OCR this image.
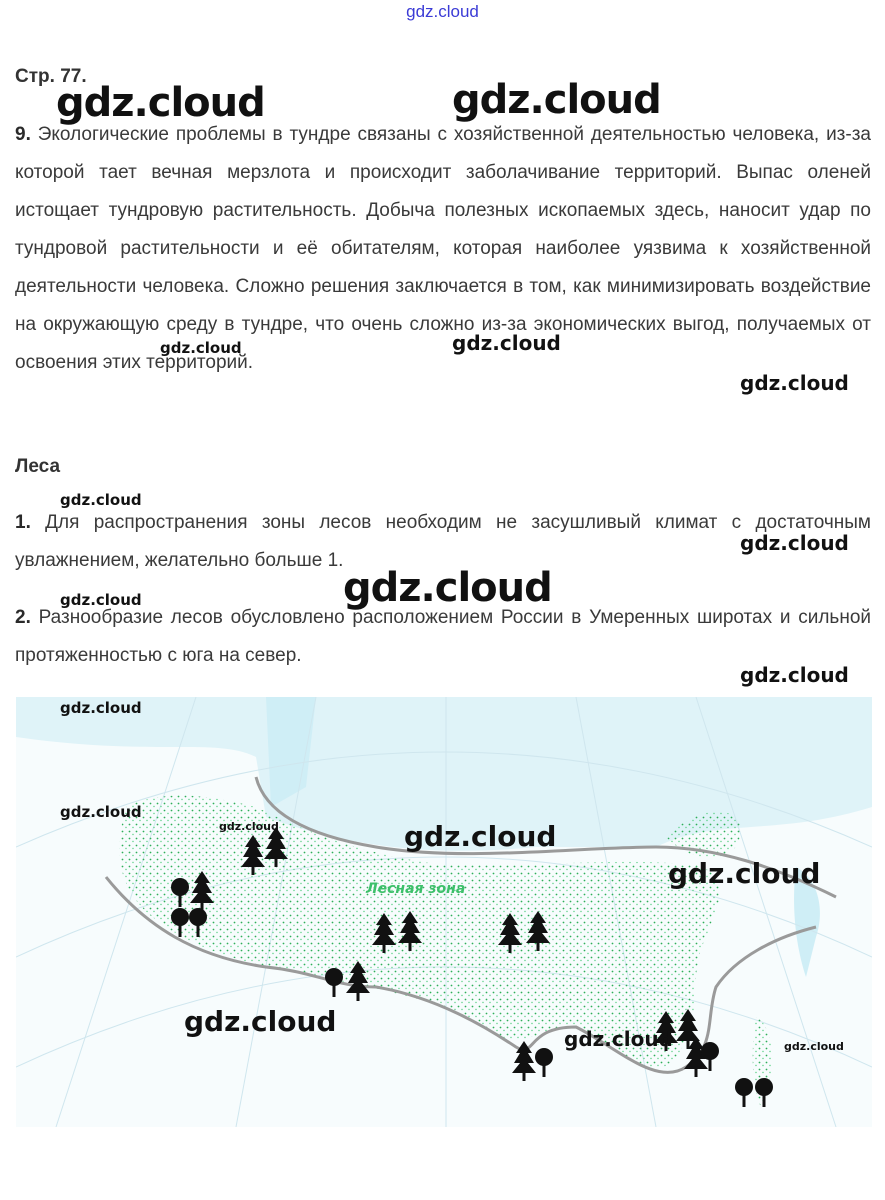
gdz.cloud
Стр. 77.
9. Экологические проблемы в тундре связаны с хозяйственной деятельностью человека, из-за которой тает вечная мерзлота и происходит заболачивание территорий. Выпас оленей истощает тундровую растительность. Добыча полезных ископаемых здесь, наносит удар по тундровой растительности и её обитателям, которая наиболее уязвима к хозяйственной деятельности человека. Сложно решения заключается в том, как минимизировать воздействие на окружающую среду в тундре, что очень сложно из-за экономических выгод, получаемых от освоения этих территорий.
Леса
1. Для распространения зоны лесов необходим не засушливый климат с достаточным увлажнением, желательно больше 1.
2. Разнообразие лесов обусловлено расположением России в Умеренных широтах и сильной протяженностью с юга на север.
Лесная зона
gdz.cloud	gdz.cloud
gdz.cloud	gdz.cloud
gdz.cloud
gdz.cloud
gdz.cloud
gdz.cloud
gdz.cloud
gdz.cloud
gdz.cloud
gdz.cloud
gdz.cloud	gdz.cloud
gdz.cloud
gdz.cloud
gdz.cloud	gdz.cloud
